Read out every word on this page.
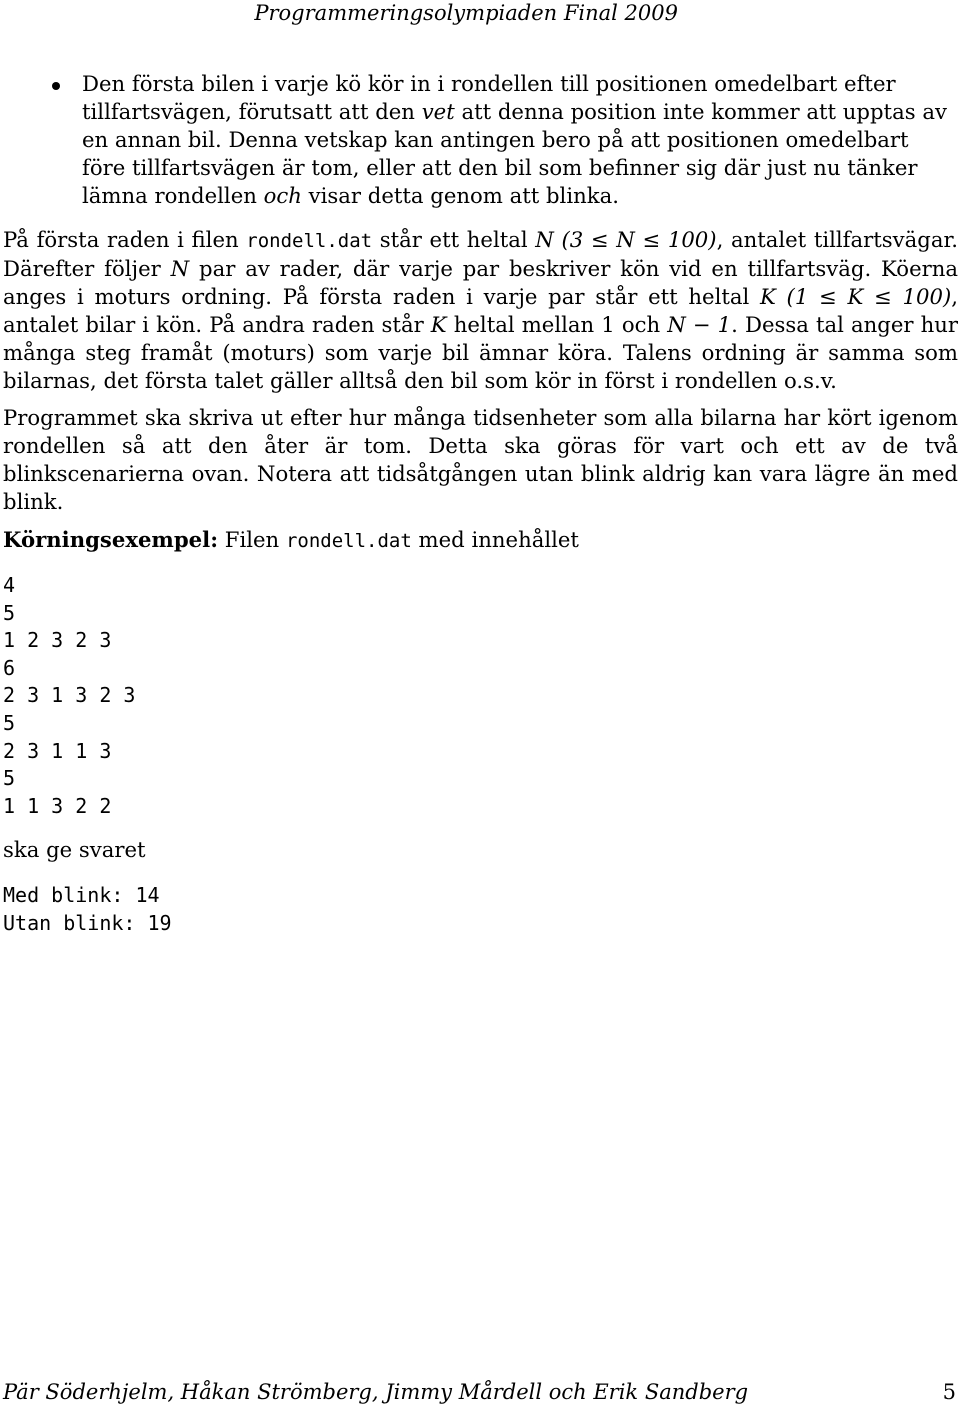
Programmeringsolympiaden Final 2009
Den första bilen i varje kö kör in i rondellen till positionen omedelbart efter tillfartsvägen, förutsatt att den vet att denna position inte kommer att upptas av en annan bil. Denna vetskap kan antingen bero på att positionen omedelbart före tillfartsvägen är tom, eller att den bil som befinner sig där just nu tänker lämna rondellen och visar detta genom att blinka.
På första raden i filen rondell.dat står ett heltal N (3 ≤ N ≤ 100), antalet tillfartsvägar. Därefter följer N par av rader, där varje par beskriver kön vid en tillfartsväg. Köerna anges i moturs ordning. På första raden i varje par står ett heltal K (1 ≤ K ≤ 100), antalet bilar i kön. På andra raden står K heltal mellan 1 och N − 1. Dessa tal anger hur många steg framåt (moturs) som varje bil ämnar köra. Talens ordning är samma som bilarnas, det första talet gäller alltså den bil som kör in först i rondellen o.s.v.
Programmet ska skriva ut efter hur många tidsenheter som alla bilarna har kört igenom rondellen så att den åter är tom. Detta ska göras för vart och ett av de två blinkscenarierna ovan. Notera att tidsåtgången utan blink aldrig kan vara lägre än med blink.
Körningsexempel: Filen rondell.dat med innehållet
4
5
1 2 3 2 3
6
2 3 1 3 2 3
5
2 3 1 1 3
5
1 1 3 2 2
ska ge svaret
Med blink: 14
Utan blink: 19
Pär Söderhjelm, Håkan Strömberg, Jimmy Mårdell och Erik Sandberg	5
